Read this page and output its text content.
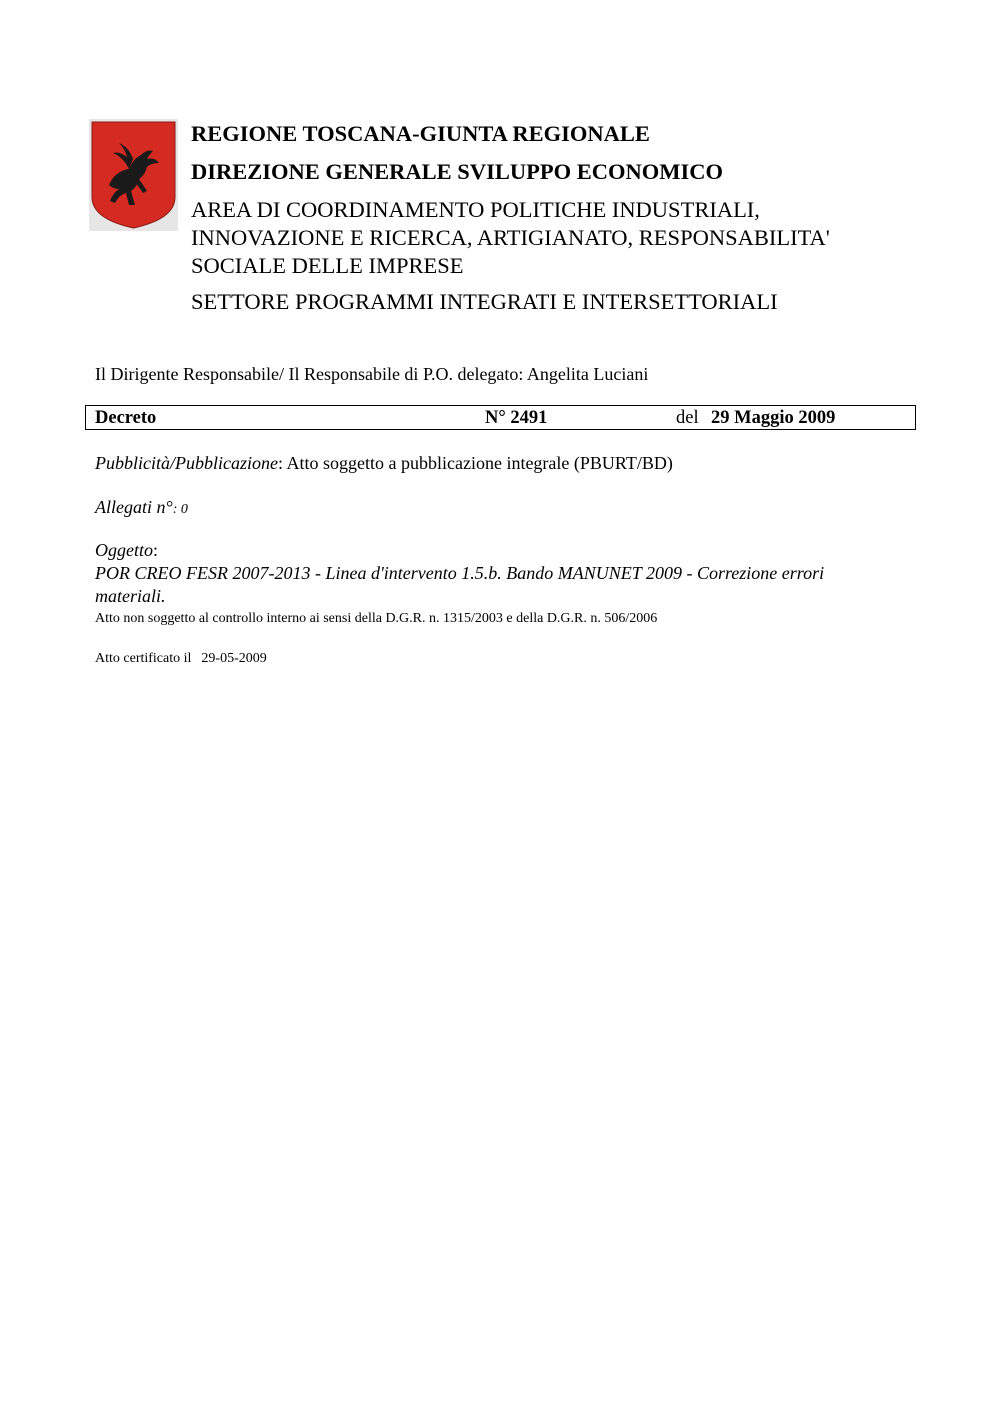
REGIONE TOSCANA-GIUNTA REGIONALE
DIREZIONE GENERALE SVILUPPO ECONOMICO
AREA DI COORDINAMENTO POLITICHE INDUSTRIALI,
INNOVAZIONE E RICERCA, ARTIGIANATO, RESPONSABILITA'
SOCIALE DELLE IMPRESE
SETTORE PROGRAMMI INTEGRATI E INTERSETTORIALI
Il Dirigente Responsabile/ Il Responsabile di P.O. delegato: Angelita Luciani
Decreto	N° 2491	del 29 Maggio 2009
Pubblicità/Pubblicazione: Atto soggetto a pubblicazione integrale (PBURT/BD)
Allegati n°: 0
Oggetto:
POR CREO FESR 2007-2013 - Linea d'intervento 1.5.b. Bando MANUNET 2009 - Correzione errori materiali.
Atto non soggetto al controllo interno ai sensi della D.G.R. n. 1315/2003 e della D.G.R. n. 506/2006
Atto certificato il 29-05-2009
